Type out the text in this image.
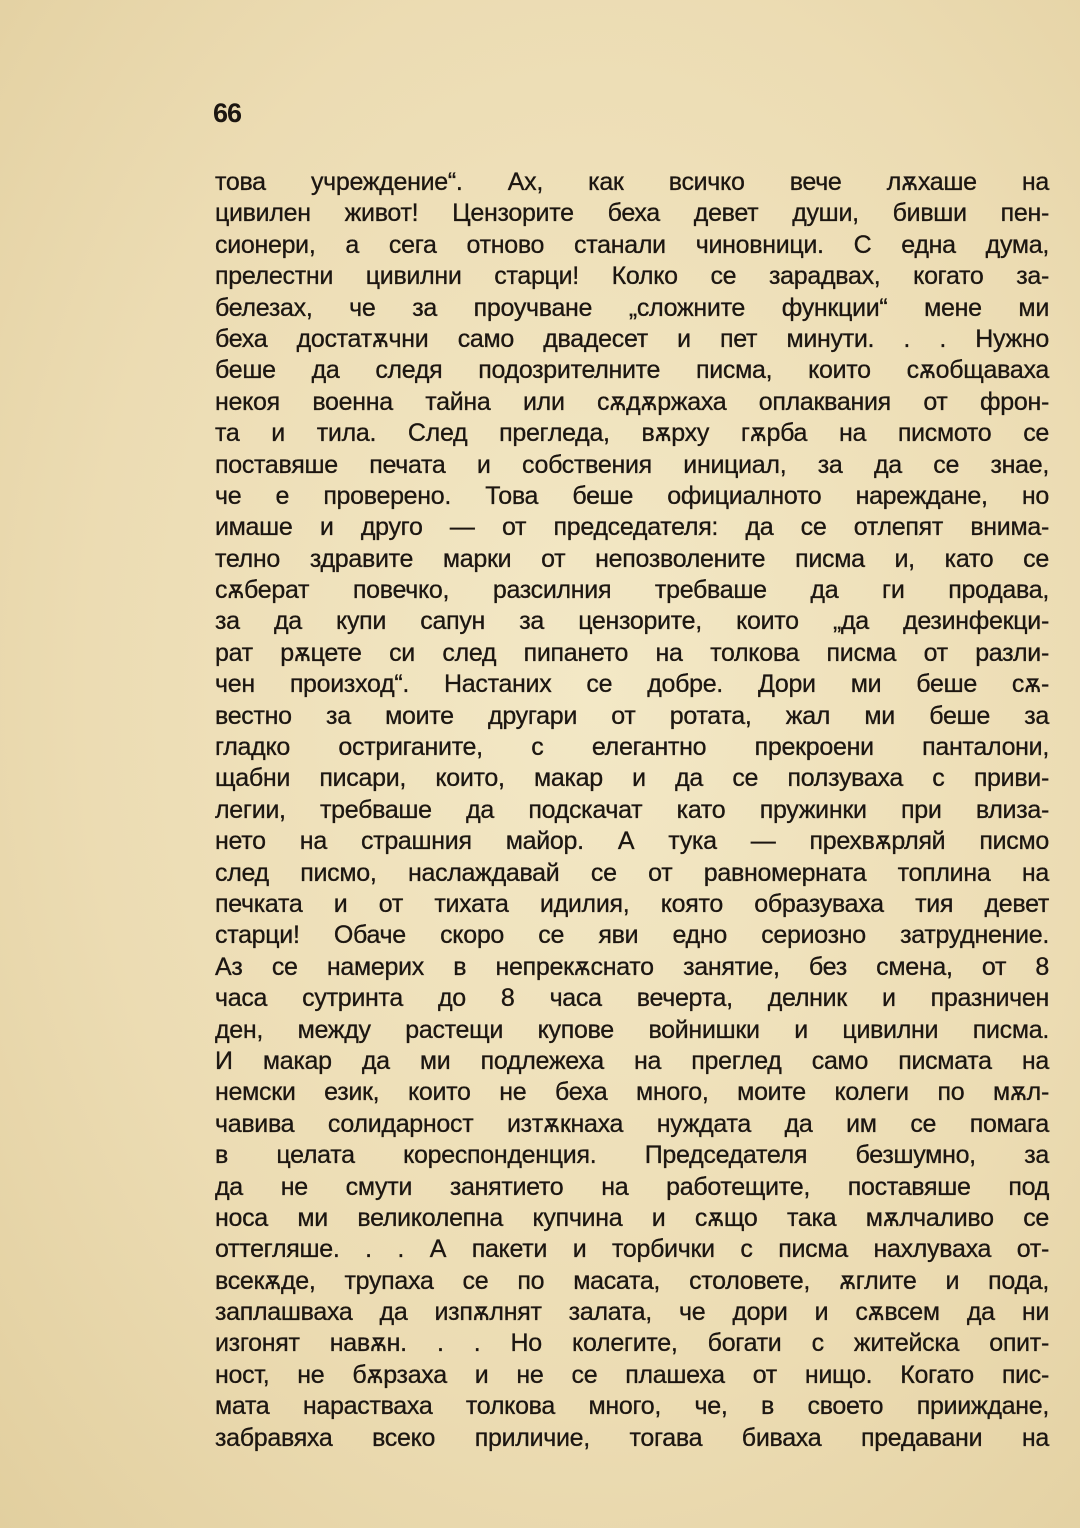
66
това учреждение“. Ах, как всичко вече лѫхаше на
цивилен живот! Цензорите беха девет души, бивши пен-
сионери, а сега отново станали чиновници. С една дума,
прелестни цивилни старци! Колко се зарадвах, когато за-
белезах, че за проучване „сложните функции“ мене ми
беха достатѫчни само двадесет и пет минути. . . Нужно
беше да следя подозрителните писма, които сѫобщаваха
некоя военна тайна или сѫдѫржаха оплаквания от фрон-
та и тила. След прегледа, вѫрху гѫрба на писмото се
поставяше печата и собствения инициал, за да се знае,
че е проверено. Това беше официалното нареждане, но
имаше и друго — от председателя: да се отлепят внима-
телно здравите марки от непозволените писма и, като се
сѫберат повечко, разсилния требваше да ги продава,
за да купи сапун за цензорите, които „да дезинфекци-
рат рѫцете си след пипането на толкова писма от разли-
чен произход“. Настаних се добре. Дори ми беше сѫ-
вестно за моите другари от ротата, жал ми беше за
гладко остриганите, с елегантно прекроени панталони,
щабни писари, които, макар и да се ползуваха с приви-
легии, требваше да подскачат като пружинки при влиза-
нето на страшния майор. А тука — прехвѫрляй писмо
след писмо, наслаждавай се от равномерната топлина на
печката и от тихата идилия, която образуваха тия девет
старци! Обаче скоро се яви едно сериозно затруднение.
Аз се намерих в непрекѫснато занятие, без смена, от 8
часа сутринта до 8 часа вечерта, делник и празничен
ден, между растещи купове войнишки и цивилни писма.
И макар да ми подлежеха на преглед само писмата на
немски език, които не беха много, моите колеги по мѫл-
чавива солидарност изтѫкнаха нуждата да им се помага
в целата кореспонденция. Председателя безшумно, за
да не смути занятието на работещите, поставяше под
носа ми великолепна купчина и сѫщо така мѫлчаливо се
оттегляше. . . А пакети и торбички с писма нахлуваха от-
всекѫде, трупаха се по масата, столовете, ѫглите и пода,
заплашваха да изпѫлнят залата, че дори и сѫвсем да ни
изгонят навѫн. . . Но колегите, богати с житейска опит-
ност, не бѫрзаха и не се плашеха от нищо. Когато пис-
мата нарастваха толкова много, че, в своето прииждане,
забравяха всеко приличие, тогава биваха предавани на
